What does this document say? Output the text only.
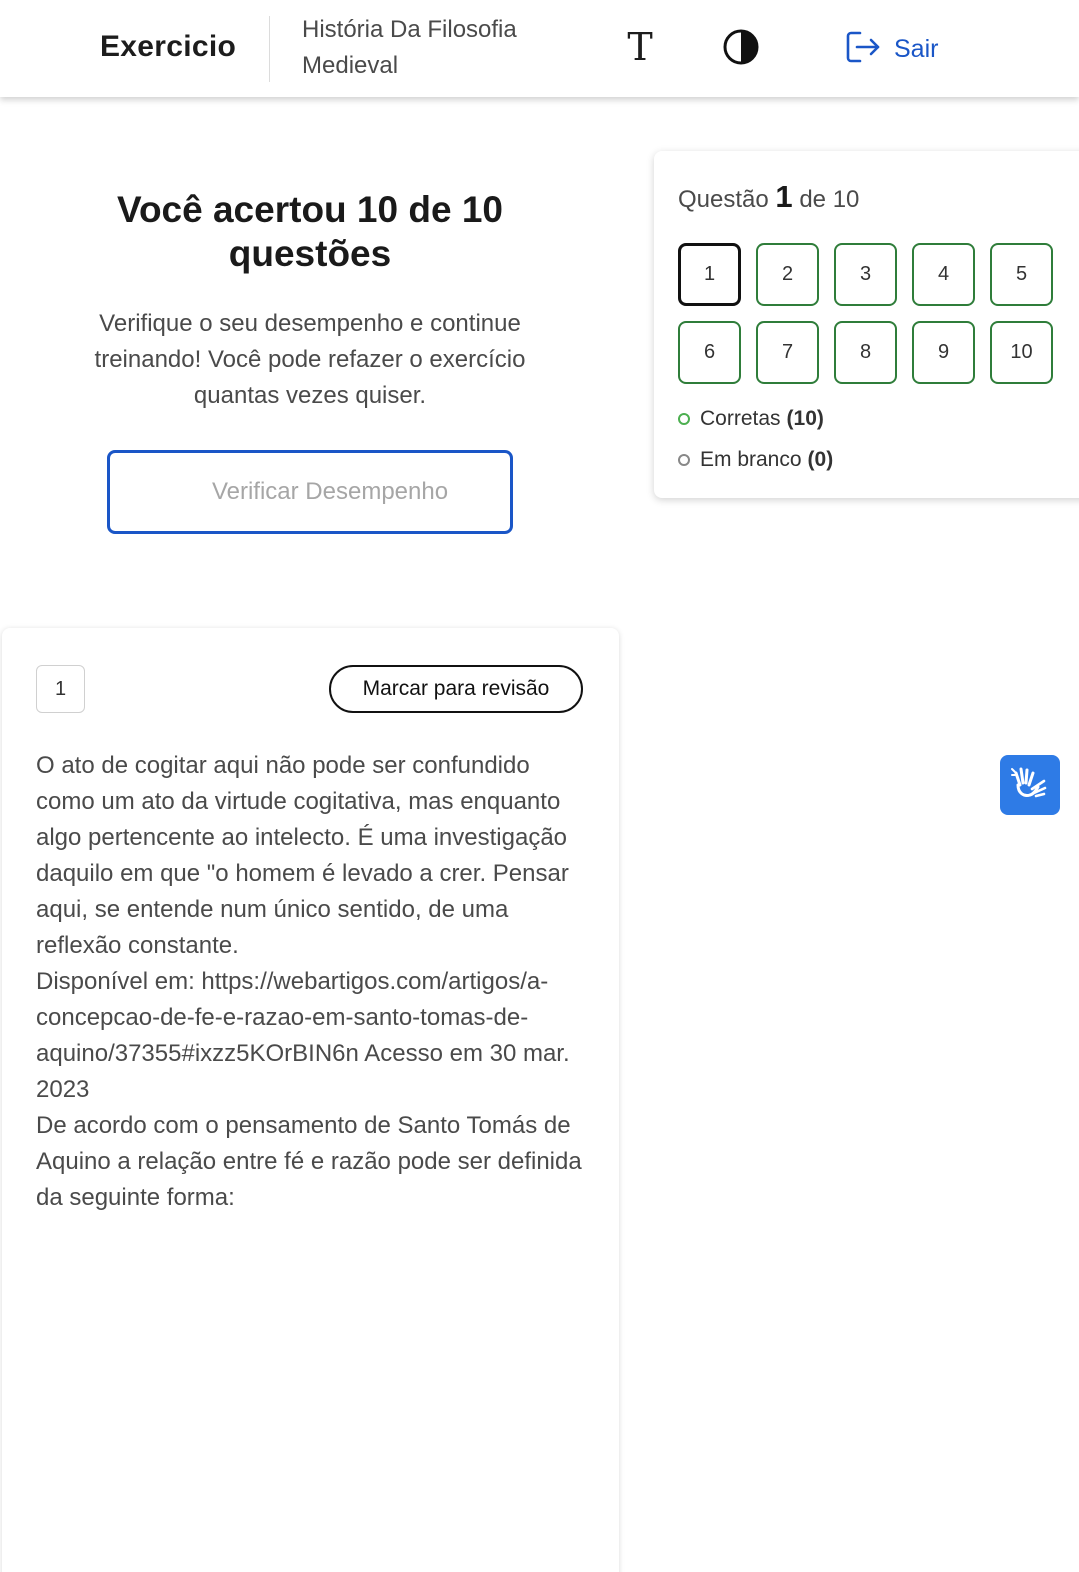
Exercicio
História Da Filosofia Medieval	T	Sair
Você acertou 10 de 10 questões
Verifique o seu desempenho e continue treinando! Você pode refazer o exercício quantas vezes quiser.
Verificar Desempenho
Questão 1 de 10
1	2	3	4	5
6	7	8	9	10
Corretas (10)
Em branco (0)
1	Marcar para revisão

O ato de cogitar aqui não pode ser confundido como um ato da virtude cogitativa, mas enquanto algo pertencente ao intelecto. É uma investigação daquilo em que "o homem é levado a crer. Pensar aqui, se entende num único sentido, de uma reflexão constante.

Disponível em: https://webartigos.com/artigos/a-concepcao-de-fe-e-razao-em-santo-tomas-de-aquino/37355#ixzz5KOrBIN6n Acesso em 30 mar. 2023

De acordo com o pensamento de Santo Tomás de Aquino a relação entre fé e razão pode ser definida da seguinte forma:
